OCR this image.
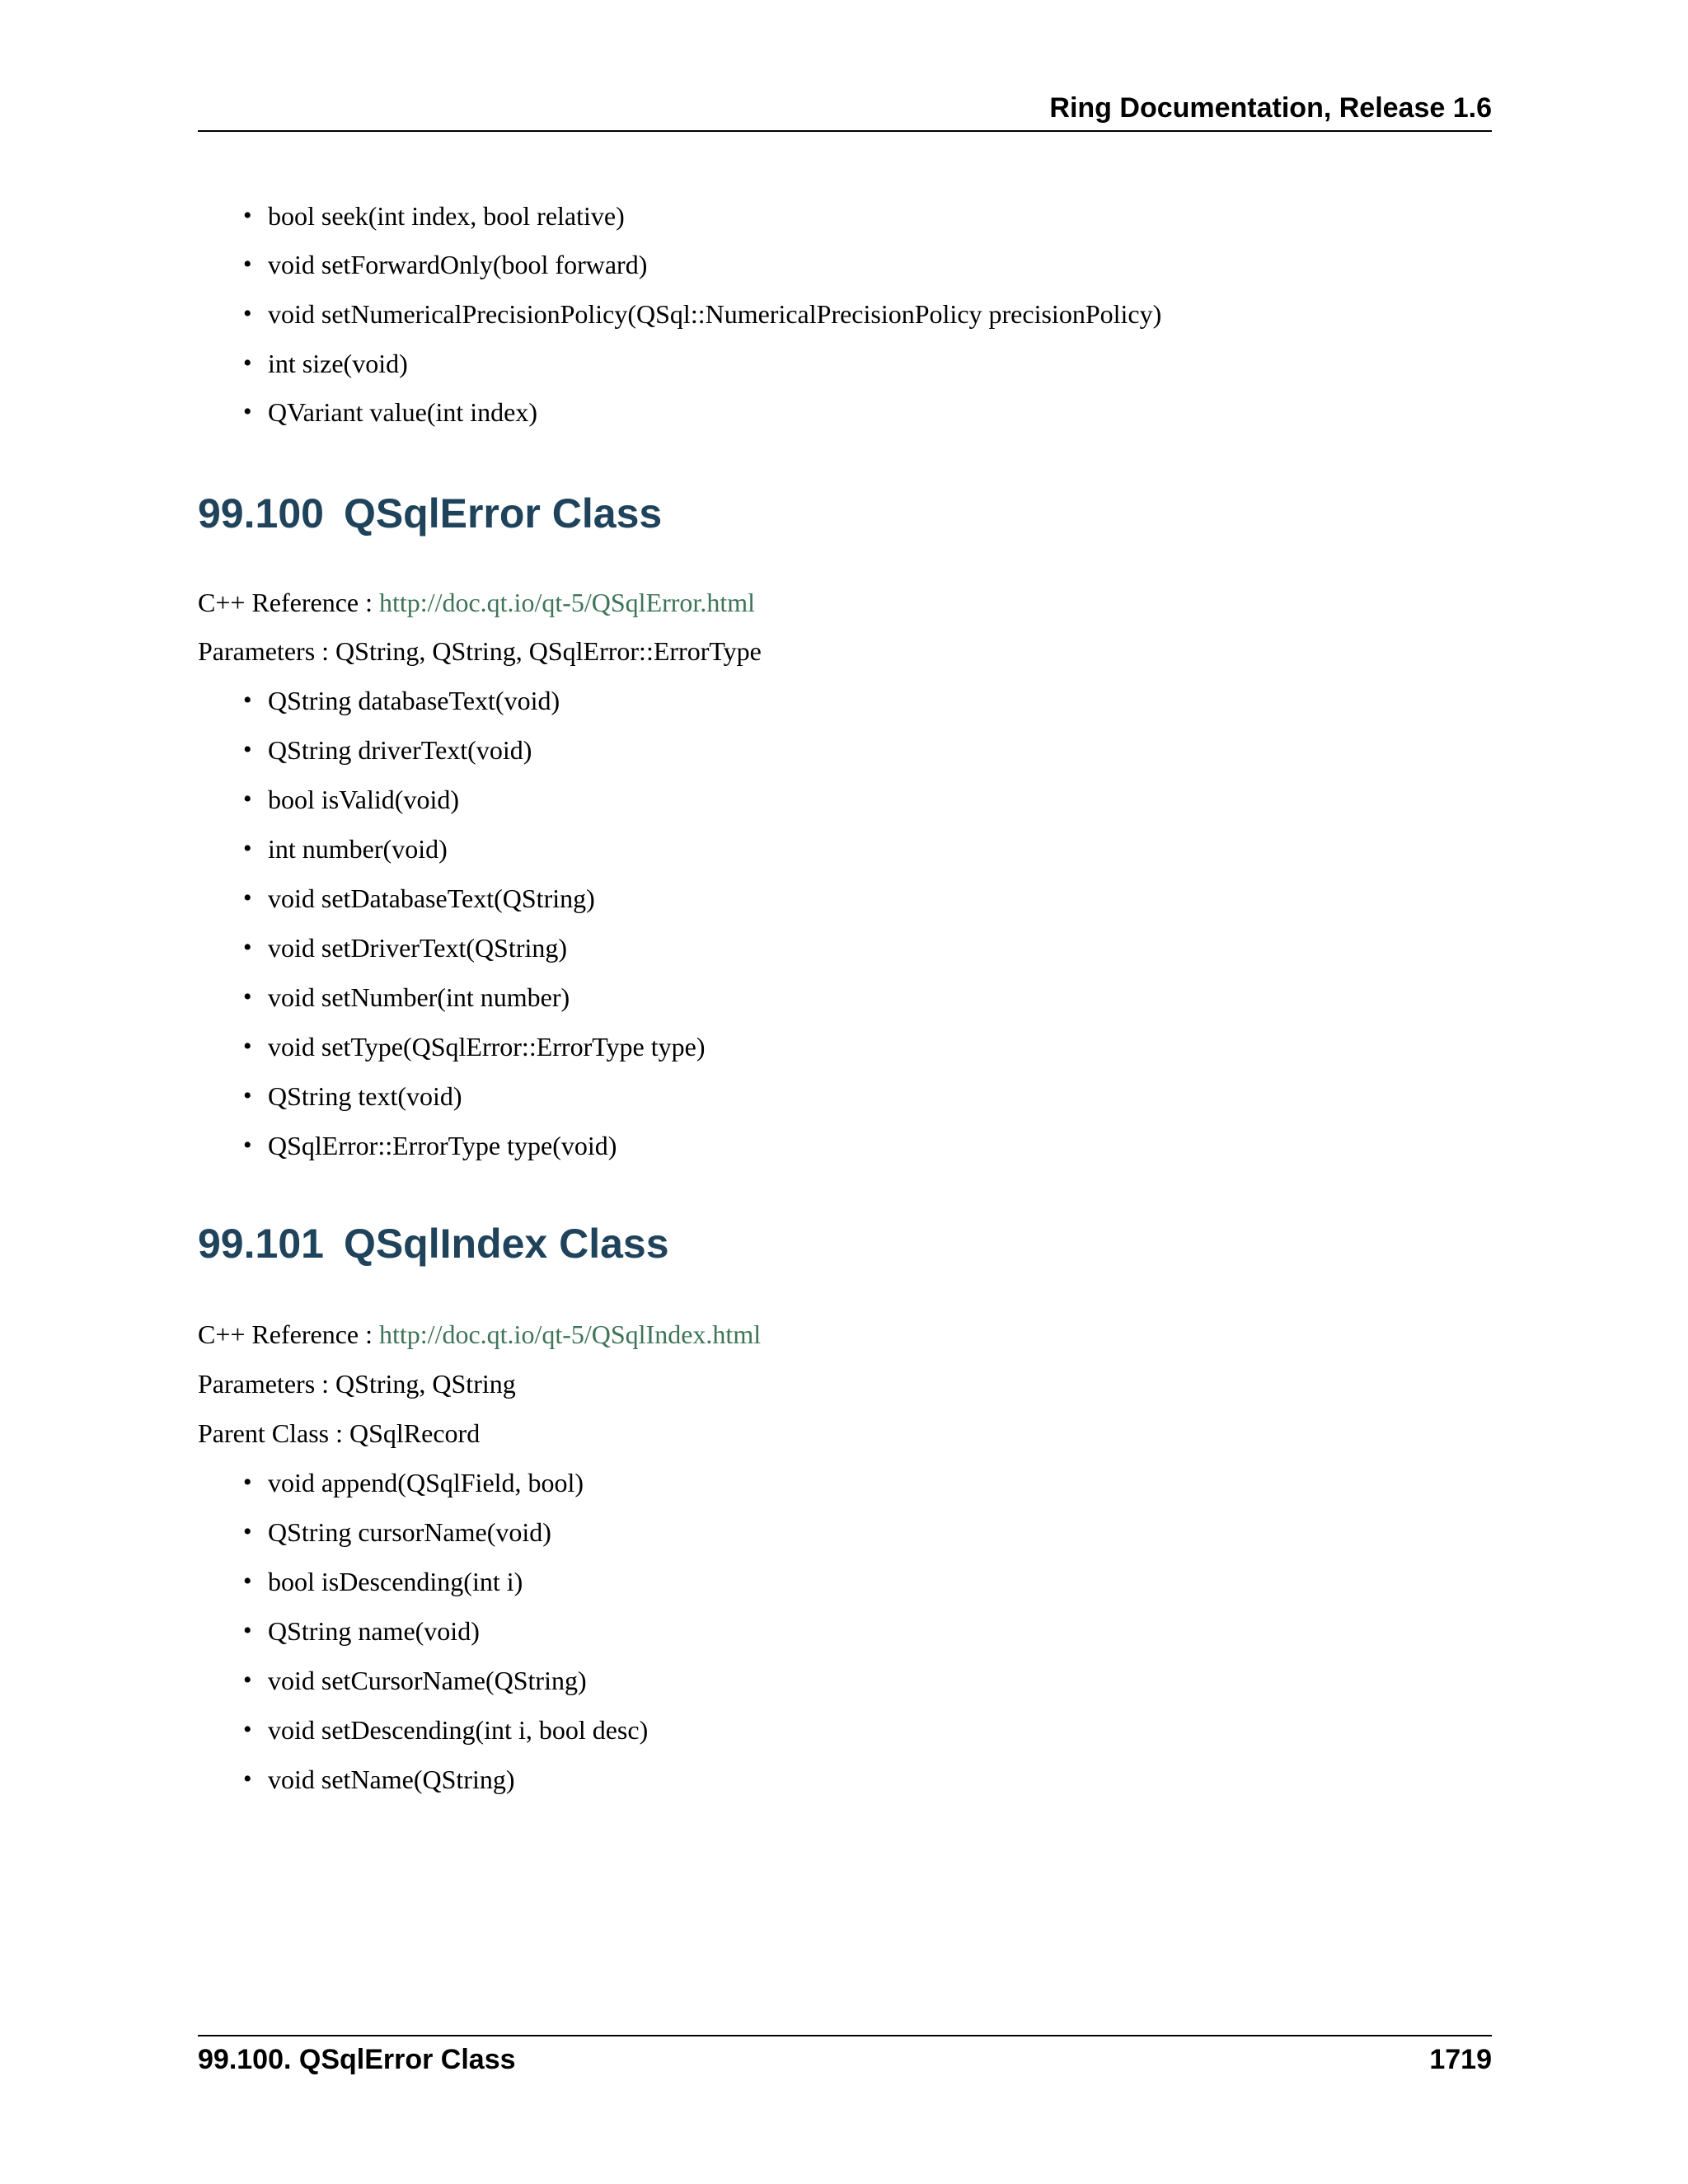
Ring Documentation, Release 1.6
• bool seek(int index, bool relative)
• void setForwardOnly(bool forward)
• void setNumericalPrecisionPolicy(QSql::NumericalPrecisionPolicy precisionPolicy)
• int size(void)
• QVariant value(int index)
99.100 QSqlError Class
C++ Reference : http://doc.qt.io/qt-5/QSqlError.html
Parameters : QString, QString, QSqlError::ErrorType
• QString databaseText(void)
• QString driverText(void)
• bool isValid(void)
• int number(void)
• void setDatabaseText(QString)
• void setDriverText(QString)
• void setNumber(int number)
• void setType(QSqlError::ErrorType type)
• QString text(void)
• QSqlError::ErrorType type(void)
99.101 QSqlIndex Class
C++ Reference : http://doc.qt.io/qt-5/QSqlIndex.html
Parameters : QString, QString
Parent Class : QSqlRecord
• void append(QSqlField, bool)
• QString cursorName(void)
• bool isDescending(int i)
• QString name(void)
• void setCursorName(QString)
• void setDescending(int i, bool desc)
• void setName(QString)
99.100. QSqlError Class	1719
